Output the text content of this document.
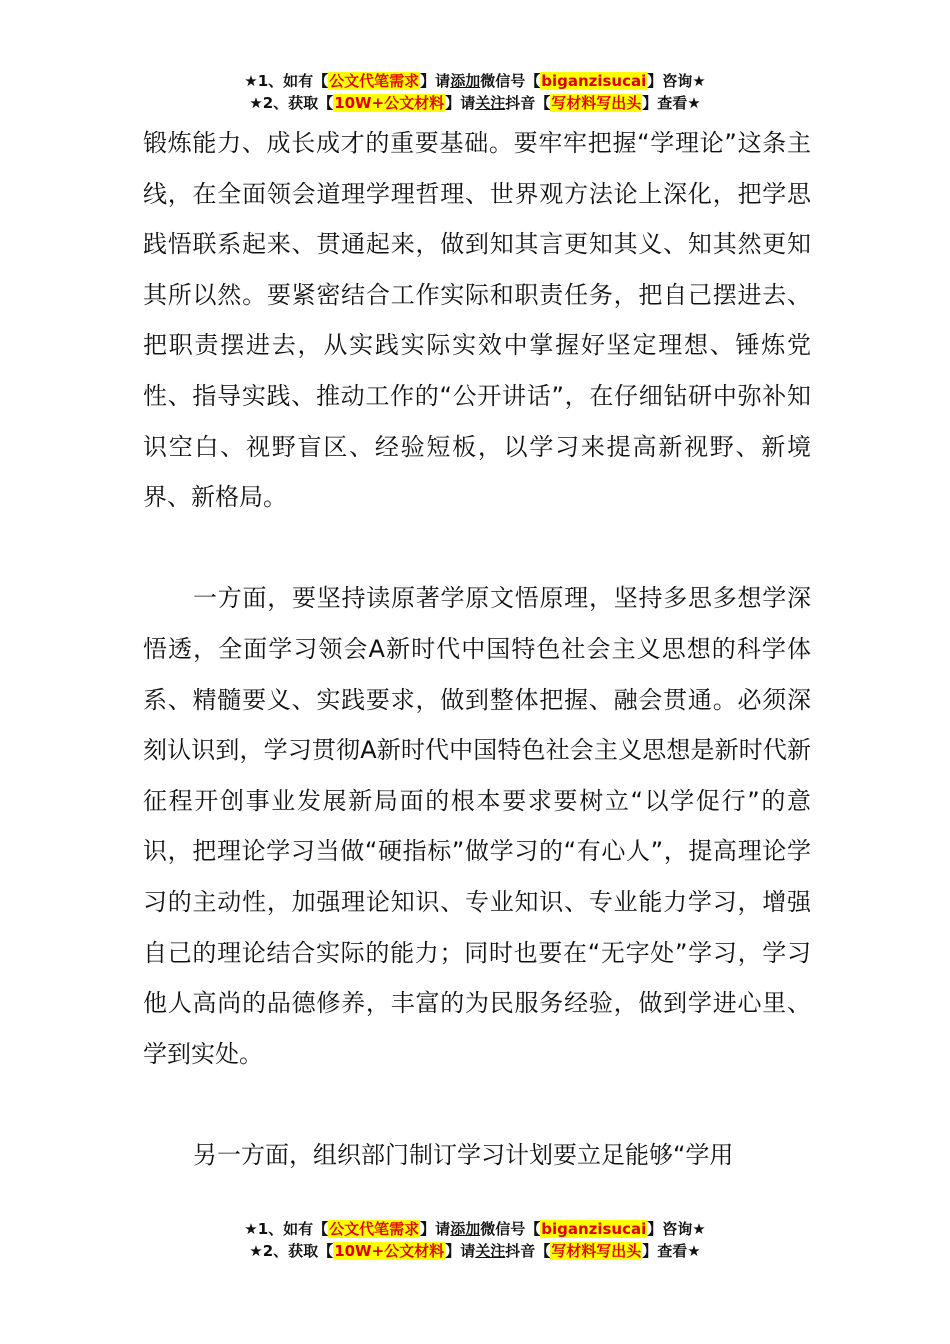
★1、如有【公文代笔需求】请添加微信号【biganzisucai】咨询★
★2、获取【10W+公文材料】请关注抖音【写材料写出头】查看★

锻炼能力、成长成才的重要基础。要牢牢把握“学理论”这条主线，在全面领会道理学理哲理、世界观方法论上深化，把学思践悟联系起来、贯通起来，做到知其言更知其义、知其然更知其所以然。要紧密结合工作实际和职责任务，把自己摆进去、把职责摆进去，从实践实际实效中掌握好坚定理想、锤炼党性、指导实践、推动工作的“公开讲话”，在仔细钻研中弥补知识空白、视野盲区、经验短板，以学习来提高新视野、新境界、新格局。

一方面，要坚持读原著学原文悟原理，坚持多思多想学深悟透，全面学习领会A新时代中国特色社会主义思想的科学体系、精髓要义、实践要求，做到整体把握、融会贯通。必须深刻认识到，学习贯彻A新时代中国特色社会主义思想是新时代新征程开创事业发展新局面的根本要求要树立“以学促行”的意识，把理论学习当做“硬指标”做学习的“有心人”，提高理论学习的主动性，加强理论知识、专业知识、专业能力学习，增强自己的理论结合实际的能力；同时也要在“无字处”学习，学习他人高尚的品德修养，丰富的为民服务经验，做到学进心里、学到实处。

另一方面，组织部门制订学习计划要立足能够“学用

★1、如有【公文代笔需求】请添加微信号【biganzisucai】咨询★
★2、获取【10W+公文材料】请关注抖音【写材料写出头】查看★
